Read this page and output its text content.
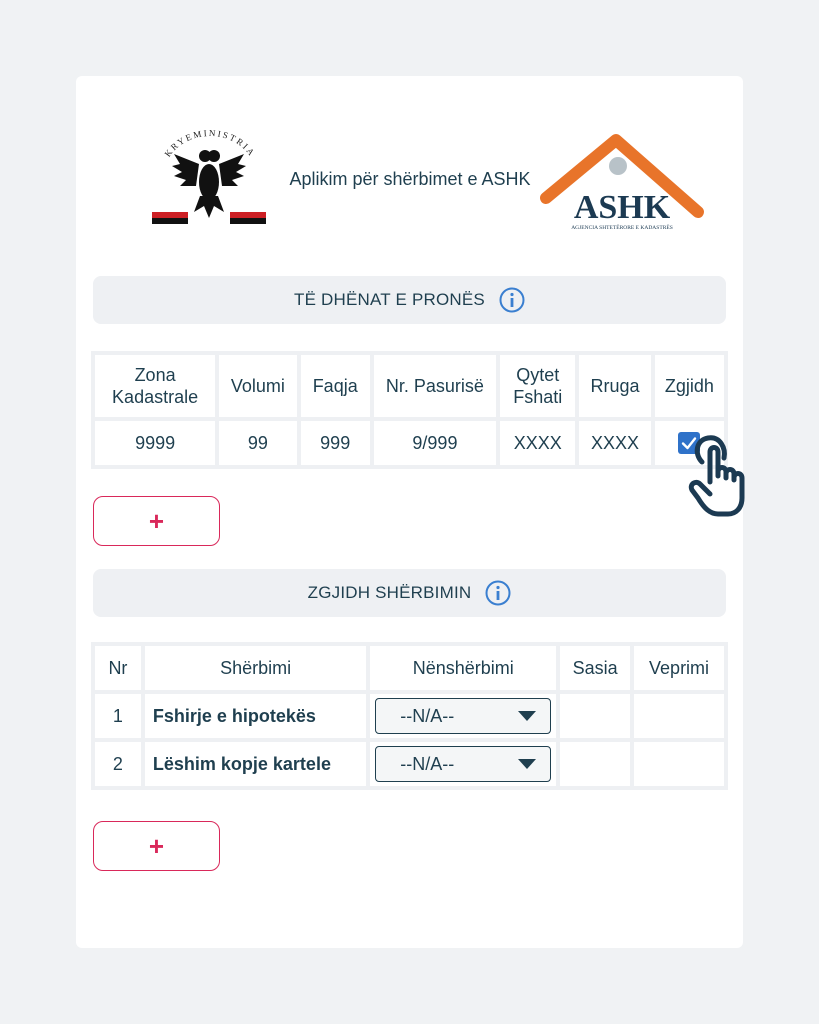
KRYEMINISTRIA
Aplikim për shërbimet e ASHK
ASHK
AGJENCIA SHTETËRORE E KADASTRËS
TË DHËNAT E PRONËS
Zona Kadastrale	Volumi	Faqja	Nr. Pasurisë	Qytet Fshati	Rruga	Zgjidh
9999	99	999	9/999	XXXX	XXXX	
+
ZGJIDH SHËRBIMIN
Nr	Shërbimi	Nënshërbimi	Sasia	Veprimi
1	Fshirje e hipotekës	--N/A--		

2	Lëshim kopje kartele	--N/A--		

+
